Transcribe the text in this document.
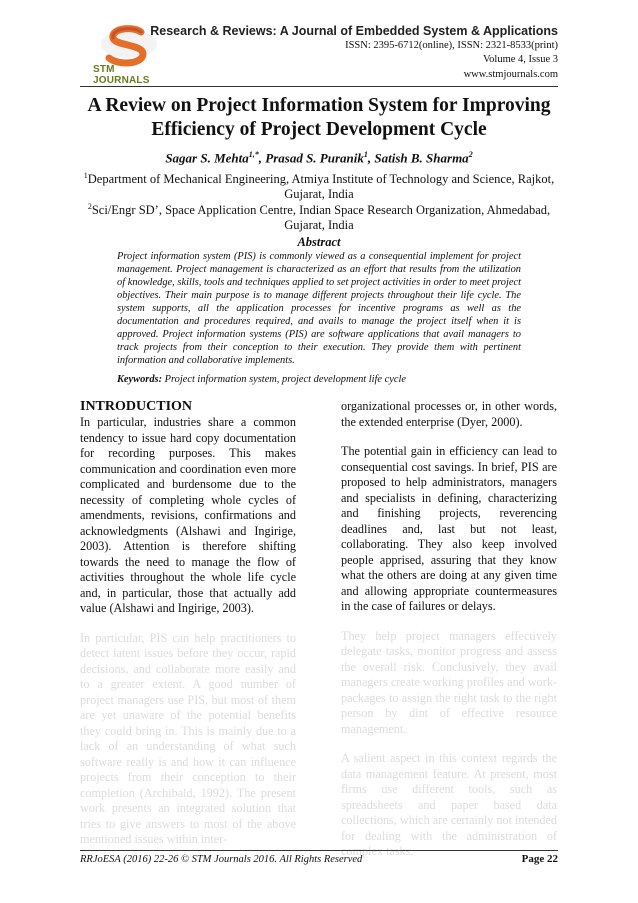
STM JOURNALS
Research & Reviews: A Journal of Embedded System & Applications
ISSN: 2395-6712(online), ISSN: 2321-8533(print)
Volume 4, Issue 3
www.stmjournals.com
A Review on Project Information System for Improving
Efficiency of Project Development Cycle
Sagar S. Mehta$^{1,*}$, Prasad S. Puranik$^1$, Satish B. Sharma$^2$
$^1$Department of Mechanical Engineering, Atmiya Institute of Technology and Science, Rajkot, Gujarat, India
$^2$Sci/Engr SD’, Space Application Centre, Indian Space Research Organization, Ahmedabad, Gujarat, India
Abstract
Project information system (PIS) is commonly viewed as a consequential implement for project management. Project management is characterized as an effort that results from the utilization of knowledge, skills, tools and techniques applied to set project activities in order to meet project objectives. Their main purpose is to manage different projects throughout their life cycle. The system supports, all the application processes for incentive programs as well as the documentation and procedures required, and avails to manage the project itself when it is approved. Project information systems (PIS) are software applications that avail managers to track projects from their conception to their execution. They provide them with pertinent information and collaborative implements.
Keywords: Project information system, project development life cycle
INTRODUCTION

In particular, industries share a common tendency to issue hard copy documentation for recording purposes. This makes communication and coordination even more complicated and burdensome due to the necessity of completing whole cycles of amendments, revisions, confirmations and acknowledgments (Alshawi and Ingirige, 2003). Attention is therefore shifting towards the need to manage the flow of activities throughout the whole life cycle and, in particular, those that actually add value (Alshawi and Ingirige, 2003).

In particular, PIS can help practitioners to detect latent issues before they occur, rapid decisions, and collaborate more easily and to a greater extent. A good number of project managers use PIS, but most of them are yet unaware of the potential benefits they could bring in. This is mainly due to a lack of an understanding of what such software really is and how it can influence projects from their conception to their completion (Archibald, 1992). The present work presents an integrated solution that tries to give answers to most of the above mentioned issues within inter-

organizational processes or, in other words, the extended enterprise (Dyer, 2000).

The potential gain in efficiency can lead to consequential cost savings. In brief, PIS are proposed to help administrators, managers and specialists in defining, characterizing and finishing projects, reverencing deadlines and, last but not least, collaborating. They also keep involved people apprised, assuring that they know what the others are doing at any given time and allowing appropriate countermeasures in the case of failures or delays.

They help project managers effectively delegate tasks, monitor progress and assess the overall risk. Conclusively, they avail managers create working profiles and work-packages to assign the right task to the right person by dint of effective resource management.

A salient aspect in this context regards the data management feature. At present, most firms use different tools, such as spreadsheets and paper based data collections, which are certainly not intended for dealing with the administration of complex tasks.

RRJoESA (2016) 22-26 © STM Journals 2016. All Rights Reserved	Page 22
